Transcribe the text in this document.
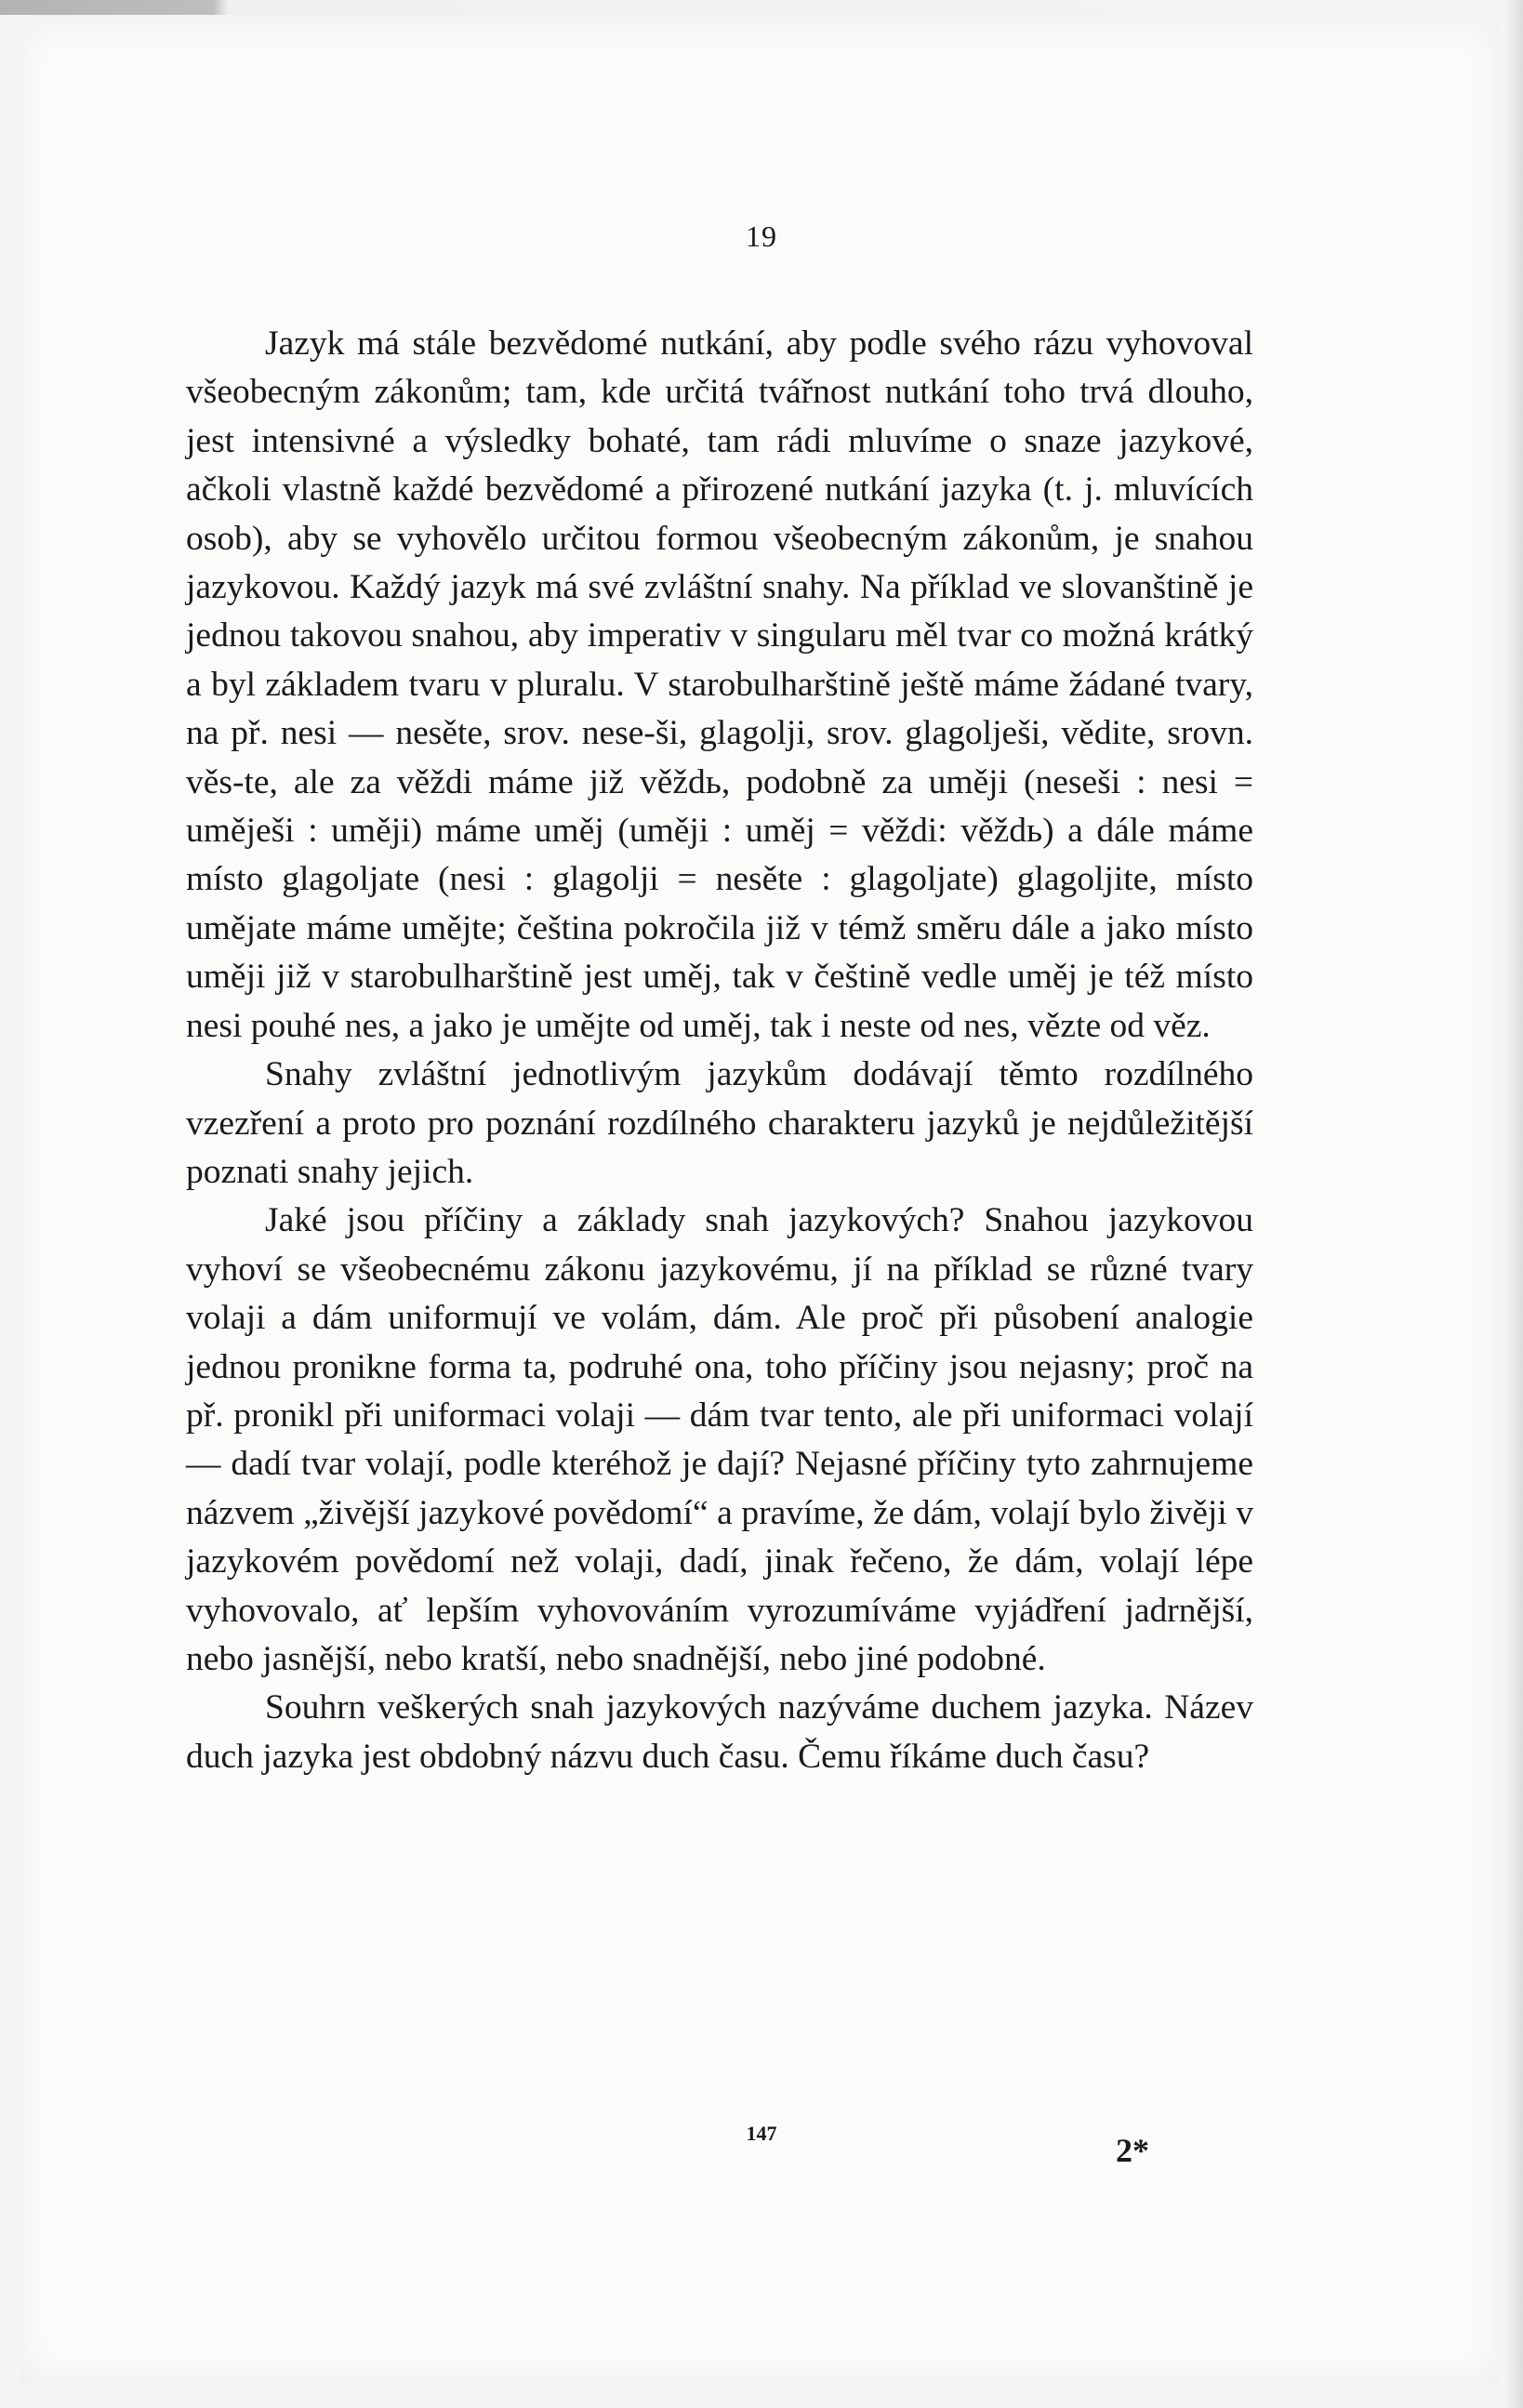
19

Jazyk má stále bezvědomé nutkání, aby podle svého rázu vyhovoval všeobecným zákonům; tam, kde určitá tvářnost nutkání toho trvá dlouho, jest intensivné a výsledky bohaté, tam rádi mluvíme o snaze jazykové, ačkoli vlastně každé bezvědomé a přirozené nutkání jazyka (t. j. mluvících osob), aby se vyhovělo určitou formou všeobecným zákonům, je snahou jazykovou. Každý jazyk má své zvláštní snahy. Na příklad ve slovanštině je jednou takovou snahou, aby imperativ v singularu měl tvar co možná krátký a byl základem tvaru v pluralu. V starobulharštině ještě máme žádané tvary, na př. nesi — nesěte, srov. nese-ši, glagolji, srov. glagolješi, vědite, srovn. věs-te, ale za věždi máme již věždь, podobně za uměji (neseši : nesi = uměješi : uměji) máme uměj (uměji : uměj = věždi: věždь) a dále máme místo glagoljate (nesi : glagolji = nesěte : glagoljate) glagoljite, místo umějate máme umějte; čeština pokročila již v témž směru dále a jako místo uměji již v starobulharštině jest uměj, tak v češtině vedle uměj je též místo nesi pouhé nes, a jako je umějte od uměj, tak i neste od nes, vězte od věz.

Snahy zvláštní jednotlivým jazykům dodávají těmto rozdílného vzezření a proto pro poznání rozdílného charakteru jazyků je nejdůležitější poznati snahy jejich.

Jaké jsou příčiny a základy snah jazykových? Snahou jazykovou vyhoví se všeobecnému zákonu jazykovému, jí na příklad se různé tvary volaji a dám uniformují ve volám, dám. Ale proč při působení analogie jednou pronikne forma ta, podruhé ona, toho příčiny jsou nejasny; proč na př. pronikl při uniformaci volaji — dám tvar tento, ale při uniformaci volají — dadí tvar volají, podle kteréhož je dají? Nejasné příčiny tyto zahrnujeme názvem „živější jazykové povědomí“ a pravíme, že dám, volají bylo živěji v jazykovém povědomí než volaji, dadí, jinak řečeno, že dám, volají lépe vyhovovalo, ať lepším vyhovováním vyrozumíváme vyjádření jadrnější, nebo jasnější, nebo kratší, nebo snadnější, nebo jiné podobné.

Souhrn veškerých snah jazykových nazýváme duchem jazyka. Název duch jazyka jest obdobný názvu duch času. Čemu říkáme duch času?

147	2*
